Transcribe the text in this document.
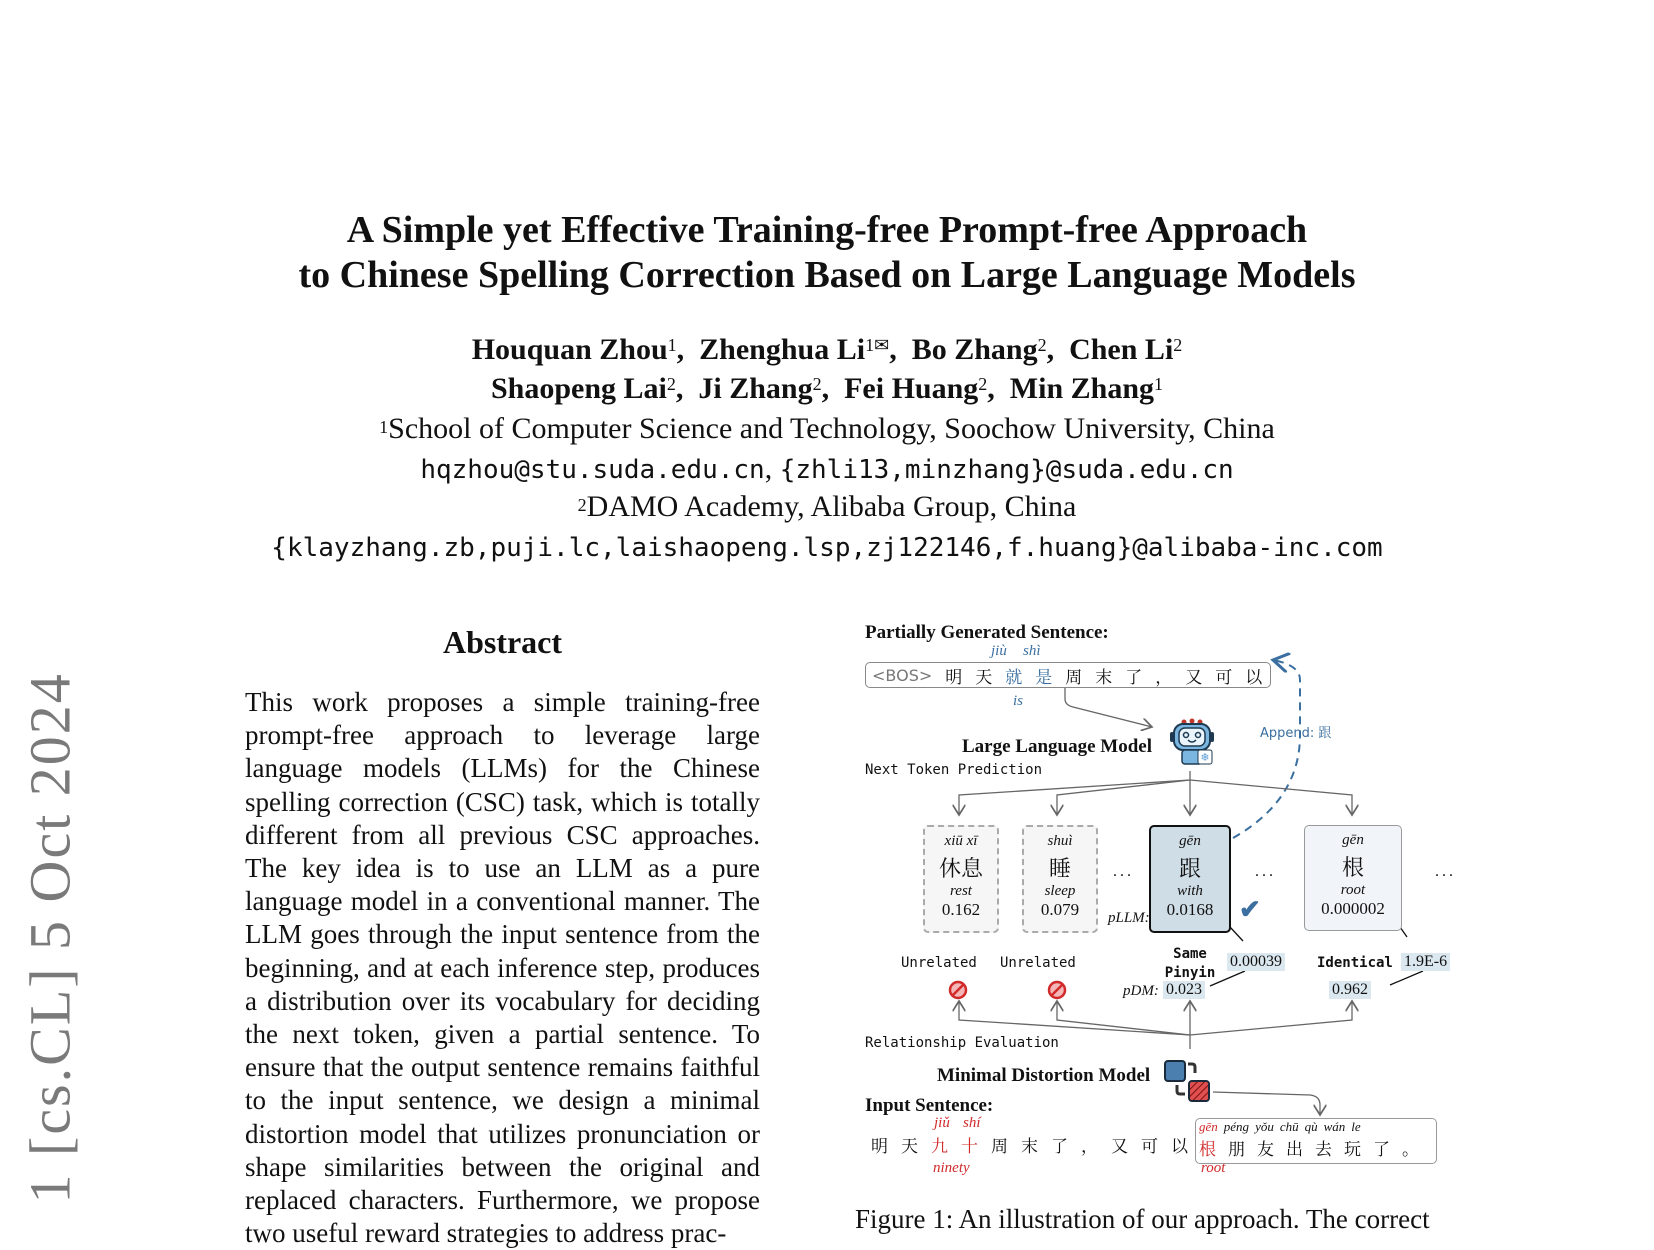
A Simple yet Effective Training-free Prompt-free Approach
to Chinese Spelling Correction Based on Large Language Models
Houquan Zhou$^1$, Zhenghua $Li^{1✉}$, Bo Zhang$^2$, Chen Li$^2$
Shaopeng Lai$^2$, Ji Zhang$^2$, Fei Huang$^2$, Min Zhang$^1$
$^1$School of Computer Science and Technology, Soochow University, China
hqzhou@stu.suda.edu.cn, {zhli13,minzhang}@suda.edu.cn
$^2$DAMO Academy, Alibaba Group, China
{klayzhang.zb,puji.lc,laishaopeng.lsp,zj122146,f.huang}@alibaba-inc.com
1 [cs.CL] 5 Oct 2024
Abstract

This work proposes a simple training-free prompt-free approach to leverage large language models (LLMs) for the Chinese spelling correction (CSC) task, which is totally different from all previous CSC approaches. The key idea is to use an LLM as a pure language model in a conventional manner. The LLM goes through the input sentence from the beginning, and at each inference step, produces a distribution over its vocabulary for deciding the next token, given a partial sentence. To ensure that the output sentence remains faithful to the input sentence, we design a minimal distortion model that utilizes pronunciation or shape similarities between the original and replaced characters. Furthermore, we propose two useful reward strategies to address prac-

Partially Generated Sentence:
jiù shì
<BOS> 明 天 就 是 周 末 了 ， 又 可 以
is
Append: 跟
❄
Large Language Model
Next Token Prediction
xiū xī
休息
rest
0.162
shuì
睡
sleep
0.079
...
gēn
跟
with
0.0168
pLLM:	✔
...
gēn
根
root
0.000002
...
Unrelated Unrelated
Same Pinyin
0.00039	Identical 1.9E-6
pDM: 0.023	0.962
Relationship Evaluation
Minimal Distortion Model
Input Sentence:
jiǔ shí
明 天 九 十 周 末 了 ， 又 可 以
ninety
gēn péng yǒu chū qù wán le
根 朋 友 出 去 玩 了 。
root
Figure 1: An illustration of our approach. The correct
